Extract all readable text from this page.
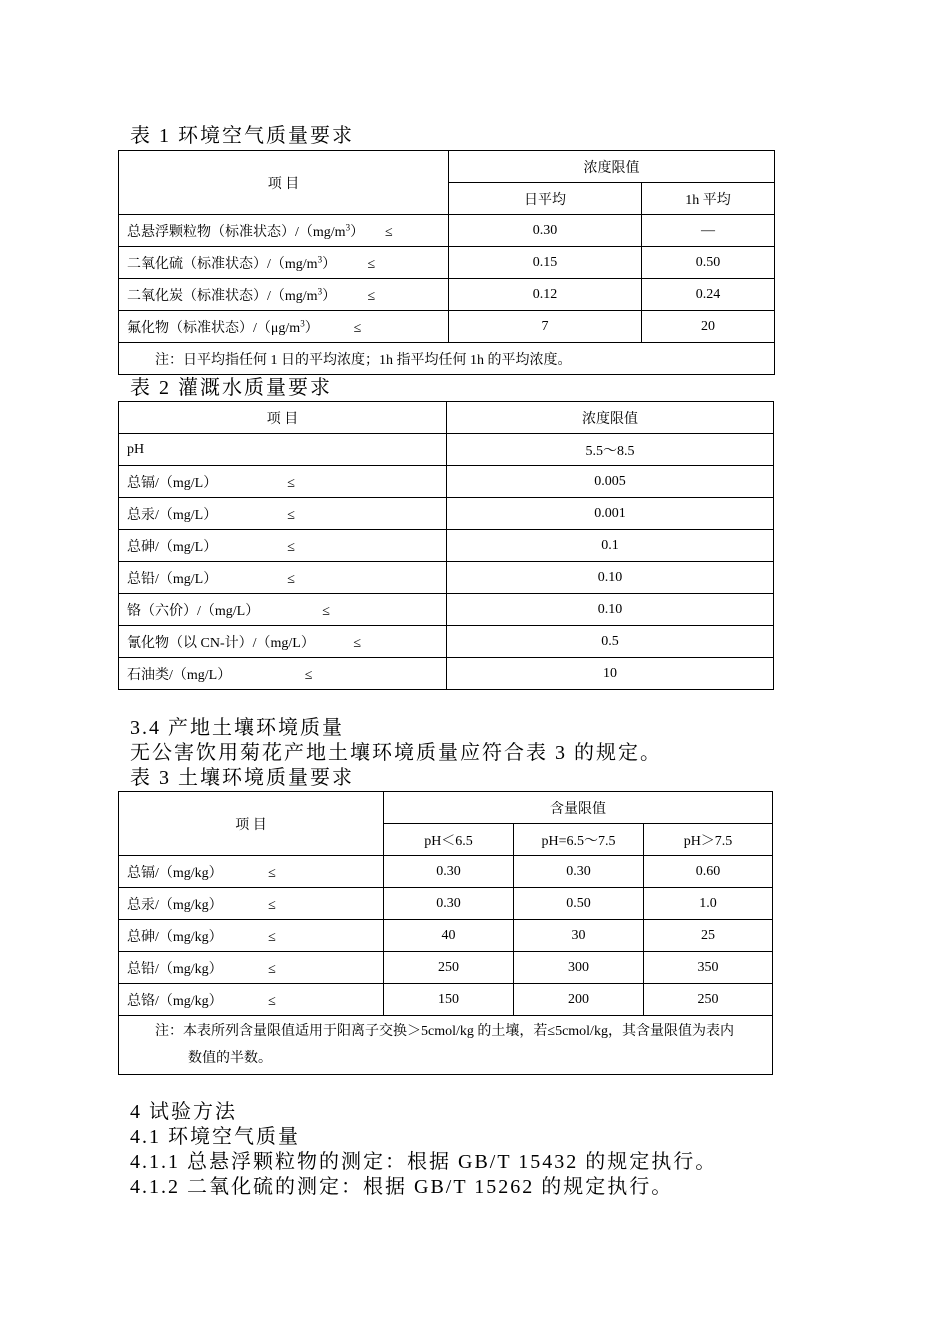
表 1 环境空气质量要求
项 目	浓度限值	
	日平均	1h 平均
总悬浮颗粒物（标准状态）$/(mg/m^3)$      ≤	0.30	—
二氧化硫（标准状态）$/(mg/m^3)$         ≤	0.15	0.50
二氧化炭（标准状态）$/(mg/m^3)$         ≤	0.12	0.24
氟化物（标准状态）$/(\mu g/m^3)$          ≤	7	20
注：日平均指任何 1 日的平均浓度；1h 指平均任何 1h 的平均浓度。		
表 2 灌溉水质量要求
项 目	浓度限值
pH	5.5～8.5
总镉/（mg/L）                    ≤	0.005
总汞/（mg/L）                    ≤	0.001
总砷/（mg/L）                    ≤	0.1
总铅/（mg/L）                    ≤	0.10
铬（六价）/（mg/L）                  ≤	0.10
氰化物（以 CN-计）/（mg/L）           ≤	0.5
石油类/（mg/L）                     ≤	10
3.4 产地土壤环境质量
无公害饮用菊花产地土壤环境质量应符合表 3 的规定。
表 3 土壤环境质量要求
项 目	含量限值		
	pH＜6.5	pH=6.5～7.5	pH＞7.5
总镉/（mg/kg）             ≤	0.30	0.30	0.60
总汞/（mg/kg）             ≤	0.30	0.50	1.0
总砷/（mg/kg）             ≤	40	30	25
总铅/（mg/kg）             ≤	250	300	350
总铬/（mg/kg）             ≤	150	200	250

注：本表所列含量限值适用于阳离子交换＞5cmol/kg 的土壤，若≤5cmol/kg，其含量限值为表内
数值的半数。			
4 试验方法
4.1 环境空气质量
4.1.1 总悬浮颗粒物的测定：根据 GB/T 15432 的规定执行。
4.1.2 二氧化硫的测定：根据 GB/T 15262 的规定执行。
